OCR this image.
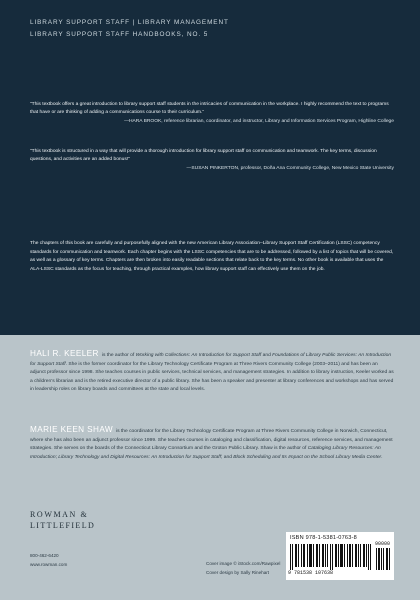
LIBRARY SUPPORT STAFF | LIBRARY MANAGEMENT
LIBRARY SUPPORT STAFF HANDBOOKS, NO. 5
“This textbook offers a great introduction to library support staff students in the intricacies of communication in the workplace. I highly recommend the text to programs that have or are thinking of adding a communications course to their curriculum.”
—HARA BROOK, reference librarian, coordinator, and instructor, Library and Information Services Program, Highline College
“This textbook is structured in a way that will provide a thorough introduction for library support staff on communication and teamwork. The key terms, discussion questions, and activities are an added bonus!”
—SUSAN PINKERTON, professor, Doña Ana Community College, New Mexico State University
The chapters of this book are carefully and purposefully aligned with the new American Library Association–Library Support Staff Certification (LSSC) competency standards for communication and teamwork. Each chapter begins with the LSSC competencies that are to be addressed, followed by a list of topics that will be covered, as well as a glossary of key terms. Chapters are then broken into easily readable sections that relate back to the key terms. No other book is available that uses the ALA-LSSC standards as the focus for teaching, through practical examples, how library support staff can effectively use them on the job.
HALI R. KEELER is the author of Working with Collections: An Introduction for Support Staff and Foundations of Library Public Services: An Introduction for Support Staff. She is the former coordinator for the Library Technology Certificate Program at Three Rivers Community College (2003–2011) and has been an adjunct professor since 1998. She teaches courses in public services, technical services, and management strategies. In addition to library instruction, Keeler worked as a children’s librarian and is the retired executive director of a public library. She has been a speaker and presenter at library conferences and workshops and has served in leadership roles on library boards and committees at the state and local levels.
MARIE KEEN SHAW is the coordinator for the Library Technology Certificate Program at Three Rivers Community College in Norwich, Connecticut, where she has also been an adjunct professor since 1999. She teaches courses in cataloging and classification, digital resources, reference services, and management strategies. She serves on the boards of the Connecticut Library Consortium and the Groton Public Library. Shaw is the author of Cataloging Library Resources: An Introduction; Library Technology and Digital Resources: An Introduction for Support Staff; and Block Scheduling and Its Impact on the School Library Media Center.
ROWMAN &
LITTLEFIELD
800-462-6420
www.rowman.com	Cover image © iStock.com/Rawpixel
Cover design by Sally Rinehart
ISBN 978-1-5381-0763-8
90000
9 781538 107638
